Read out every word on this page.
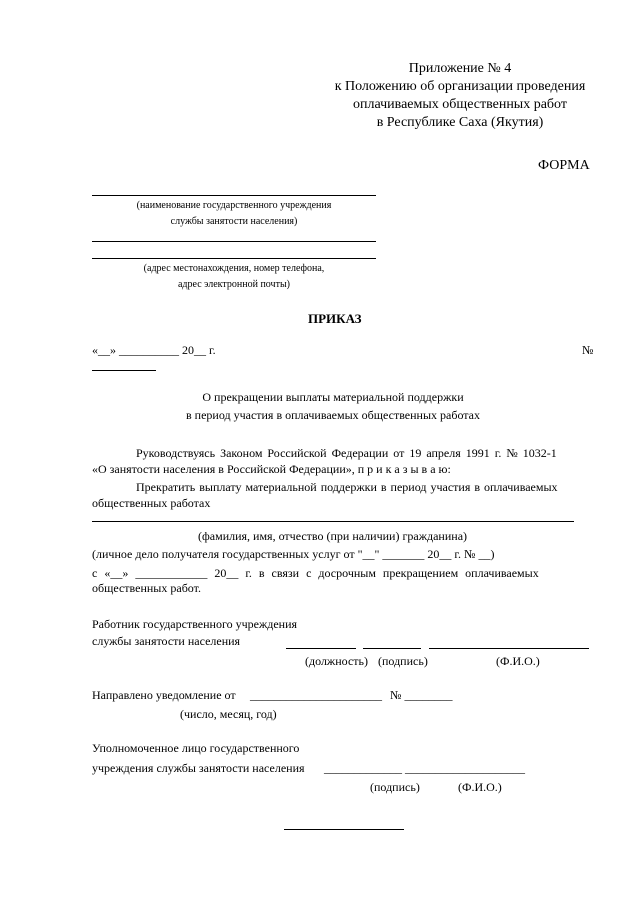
Приложение № 4
к Положению об организации проведения
оплачиваемых общественных работ
в Республике Саха (Якутия)
ФОРМА
(наименование государственного учреждения
службы занятости населения)
(адрес местонахождения, номер телефона,
адрес электронной почты)
ПРИКАЗ
«__» __________ 20__ г.	№
О прекращении выплаты материальной поддержки
в период участия в оплачиваемых общественных работах
Руководствуясь Законом Российской Федерации от 19 апреля 1991 г. № 1032-1
«О занятости населения в Российской Федерации», п р и к а з ы в а ю:
Прекратить выплату материальной поддержки в период участия в оплачиваемых
общественных работах
(фамилия, имя, отчество (при наличии) гражданина)
(личное дело получателя государственных услуг от "__" _______ 20__ г. № __)
с «__» ____________ 20__ г. в связи с досрочным прекращением оплачиваемых
общественных работ.
Работник государственного учреждения
службы занятости населения
(должность) (подпись)	(Ф.И.О.)
Направлено уведомление от ______________________ № ________
(число, месяц, год)
Уполномоченное лицо государственного
учреждения службы занятости населения _____________ ____________________
(подпись)	(Ф.И.О.)
